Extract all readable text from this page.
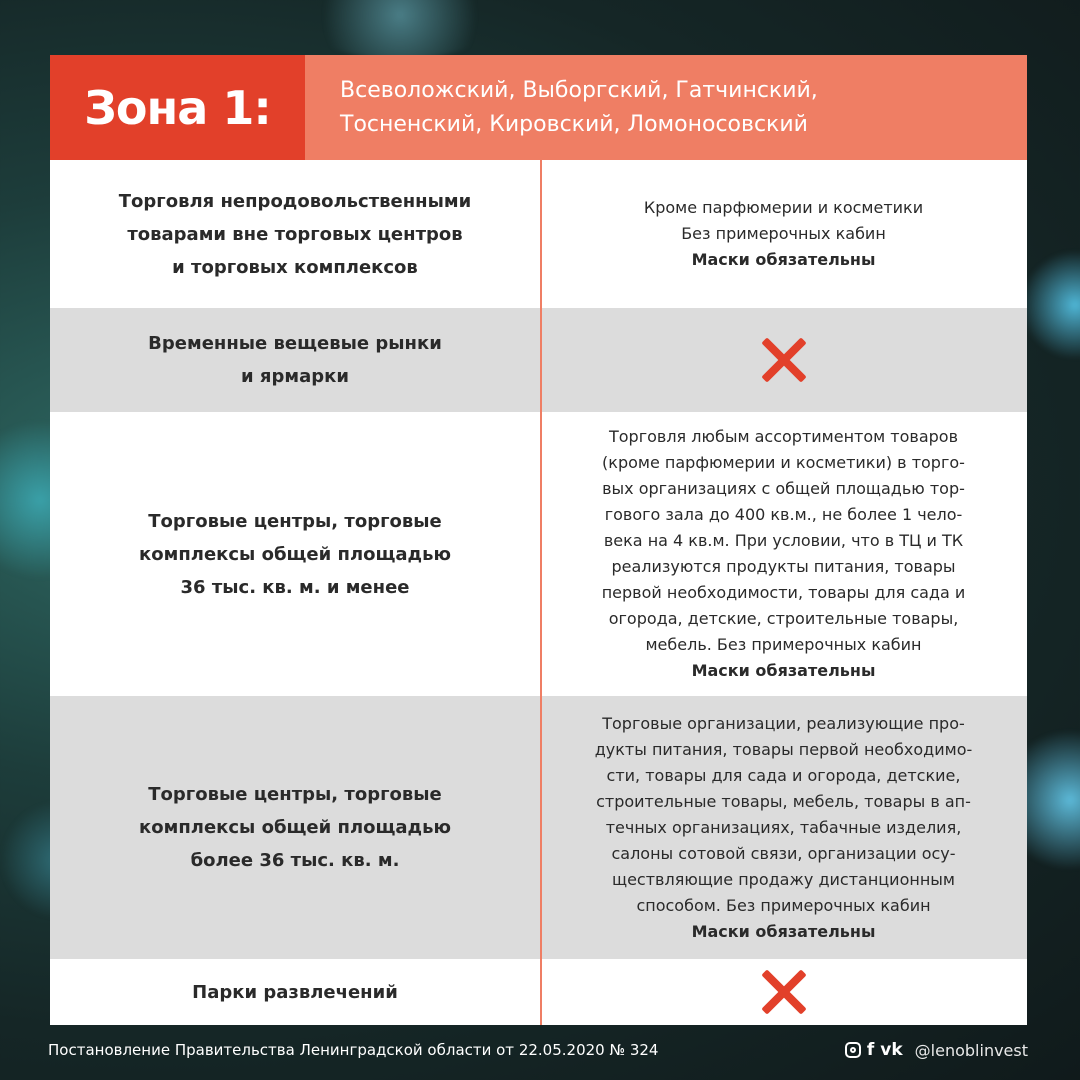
Зона 1:	Всеволожский, Выборгский, Гатчинский,
Тосненский, Кировский, Ломоносовский
Торговля непродовольственными
товарами вне торговых центров
и торговых комплексов
Кроме парфюмерии и косметики
Без примерочных кабин
Маски обязательны
Временные вещевые рынки
и ярмарки
Торговые центры, торговые
комплексы общей площадью
36 тыс. кв. м. и менее
Торговля любым ассортиментом товаров
(кроме парфюмерии и косметики) в торго-
вых организациях с общей площадью тор-
гового зала до 400 кв.м., не более 1 чело-
века на 4 кв.м. При условии, что в ТЦ и ТК
реализуются продукты питания, товары
первой необходимости, товары для сада и
огорода, детские, строительные товары,
мебель. Без примерочных кабин
Маски обязательны
Торговые центры, торговые
комплексы общей площадью
более 36 тыс. кв. м.
Торговые организации, реализующие про-
дукты питания, товары первой необходимо-
сти, товары для сада и огорода, детские,
строительные товары, мебель, товары в ап-
течных организациях, табачные изделия,
салоны сотовой связи, организации осу-
ществляющие продажу дистанционным
способом. Без примерочных кабин
Маски обязательны
Парки развлечений
Постановление Правительства Ленинградской области от 22.05.2020 № 324	f vk @lenoblinvest
